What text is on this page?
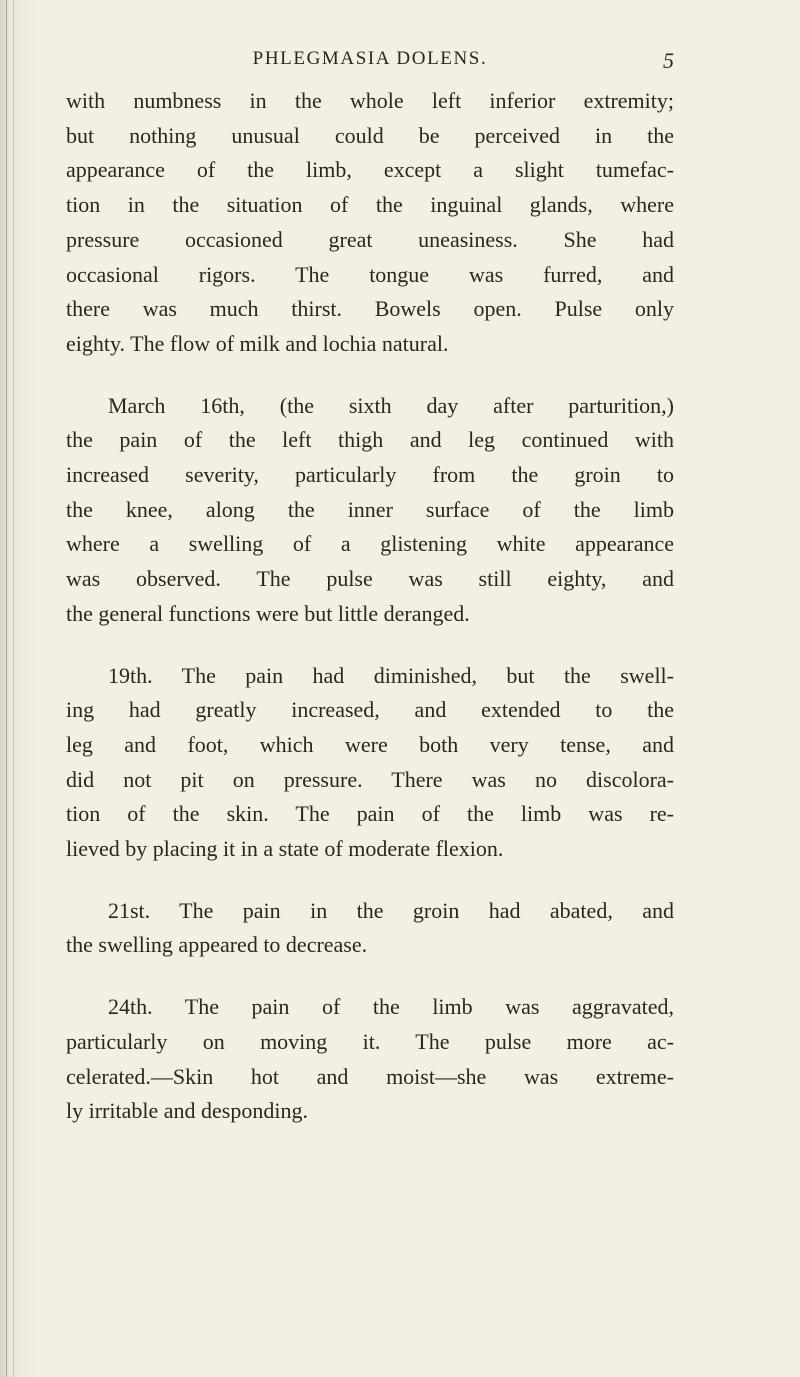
PHLEGMASIA DOLENS.	5

with numbness in the whole left inferior extremity;
but nothing unusual could be perceived in the
appearance of the limb, except a slight tumefac-
tion in the situation of the inguinal glands, where
pressure occasioned great uneasiness. She had
occasional rigors. The tongue was furred, and
there was much thirst. Bowels open. Pulse only
eighty. The flow of milk and lochia natural.

March 16th, (the sixth day after parturition,)
the pain of the left thigh and leg continued with
increased severity, particularly from the groin to
the knee, along the inner surface of the limb
where a swelling of a glistening white appearance
was observed. The pulse was still eighty, and
the general functions were but little deranged.

19th. The pain had diminished, but the swell-
ing had greatly increased, and extended to the
leg and foot, which were both very tense, and
did not pit on pressure. There was no discolora-
tion of the skin. The pain of the limb was re-
lieved by placing it in a state of moderate flexion.

21st. The pain in the groin had abated, and
the swelling appeared to decrease.

24th. The pain of the limb was aggravated,
particularly on moving it. The pulse more ac-
celerated.—Skin hot and moist—she was extreme-
ly irritable and desponding.
